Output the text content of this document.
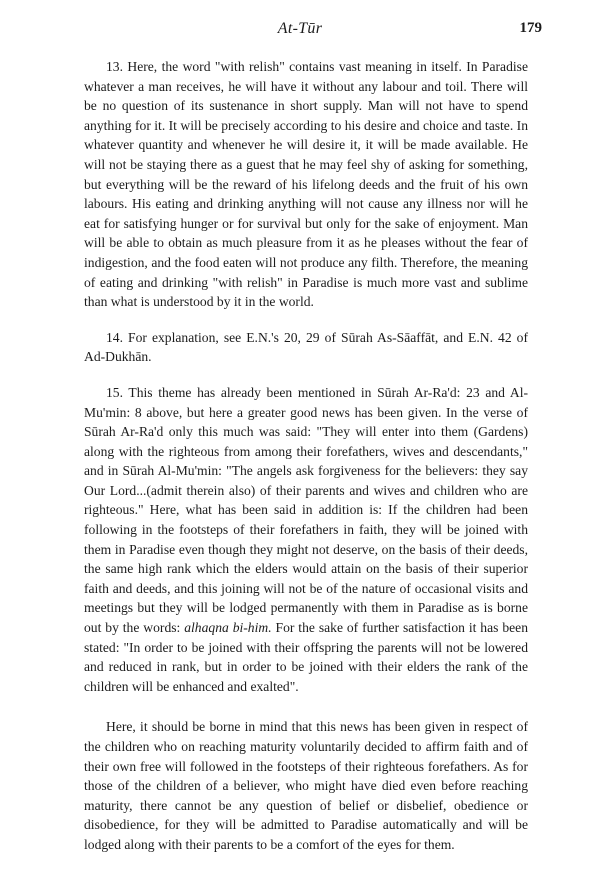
At-Tūr	179

13. Here, the word "with relish" contains vast meaning in itself. In Paradise whatever a man receives, he will have it without any labour and toil. There will be no question of its sustenance in short supply. Man will not have to spend anything for it. It will be precisely according to his desire and choice and taste. In whatever quantity and whenever he will desire it, it will be made available. He will not be staying there as a guest that he may feel shy of asking for something, but everything will be the reward of his lifelong deeds and the fruit of his own labours. His eating and drinking anything will not cause any illness nor will he eat for satisfying hunger or for survival but only for the sake of enjoyment. Man will be able to obtain as much pleasure from it as he pleases without the fear of indigestion, and the food eaten will not produce any filth. Therefore, the meaning of eating and drinking "with relish" in Paradise is much more vast and sublime than what is understood by it in the world.

14. For explanation, see E.N.'s 20, 29 of Sūrah As-Sāaffāt, and E.N. 42 of Ad-Dukhān.

15. This theme has already been mentioned in Sūrah Ar-Ra'd: 23 and Al-Mu'min: 8 above, but here a greater good news has been given. In the verse of Sūrah Ar-Ra'd only this much was said: "They will enter into them (Gardens) along with the righteous from among their forefathers, wives and descendants," and in Sūrah Al-Mu'min: "The angels ask forgiveness for the believers: they say Our Lord...(admit therein also) of their parents and wives and children who are righteous." Here, what has been said in addition is: If the children had been following in the footsteps of their forefathers in faith, they will be joined with them in Paradise even though they might not deserve, on the basis of their deeds, the same high rank which the elders would attain on the basis of their superior faith and deeds, and this joining will not be of the nature of occasional visits and meetings but they will be lodged permanently with them in Paradise as is borne out by the words: alhaqna bi-him. For the sake of further satisfaction it has been stated: "In order to be joined with their offspring the parents will not be lowered and reduced in rank, but in order to be joined with their elders the rank of the children will be enhanced and exalted".

Here, it should be borne in mind that this news has been given in respect of the children who on reaching maturity voluntarily decided to affirm faith and of their own free will followed in the footsteps of their righteous forefathers. As for those of the children of a believer, who might have died even before reaching maturity, there cannot be any question of belief or disbelief, obedience or disobedience, for they will be admitted to Paradise automatically and will be lodged along with their parents to be a comfort of the eyes for them.
